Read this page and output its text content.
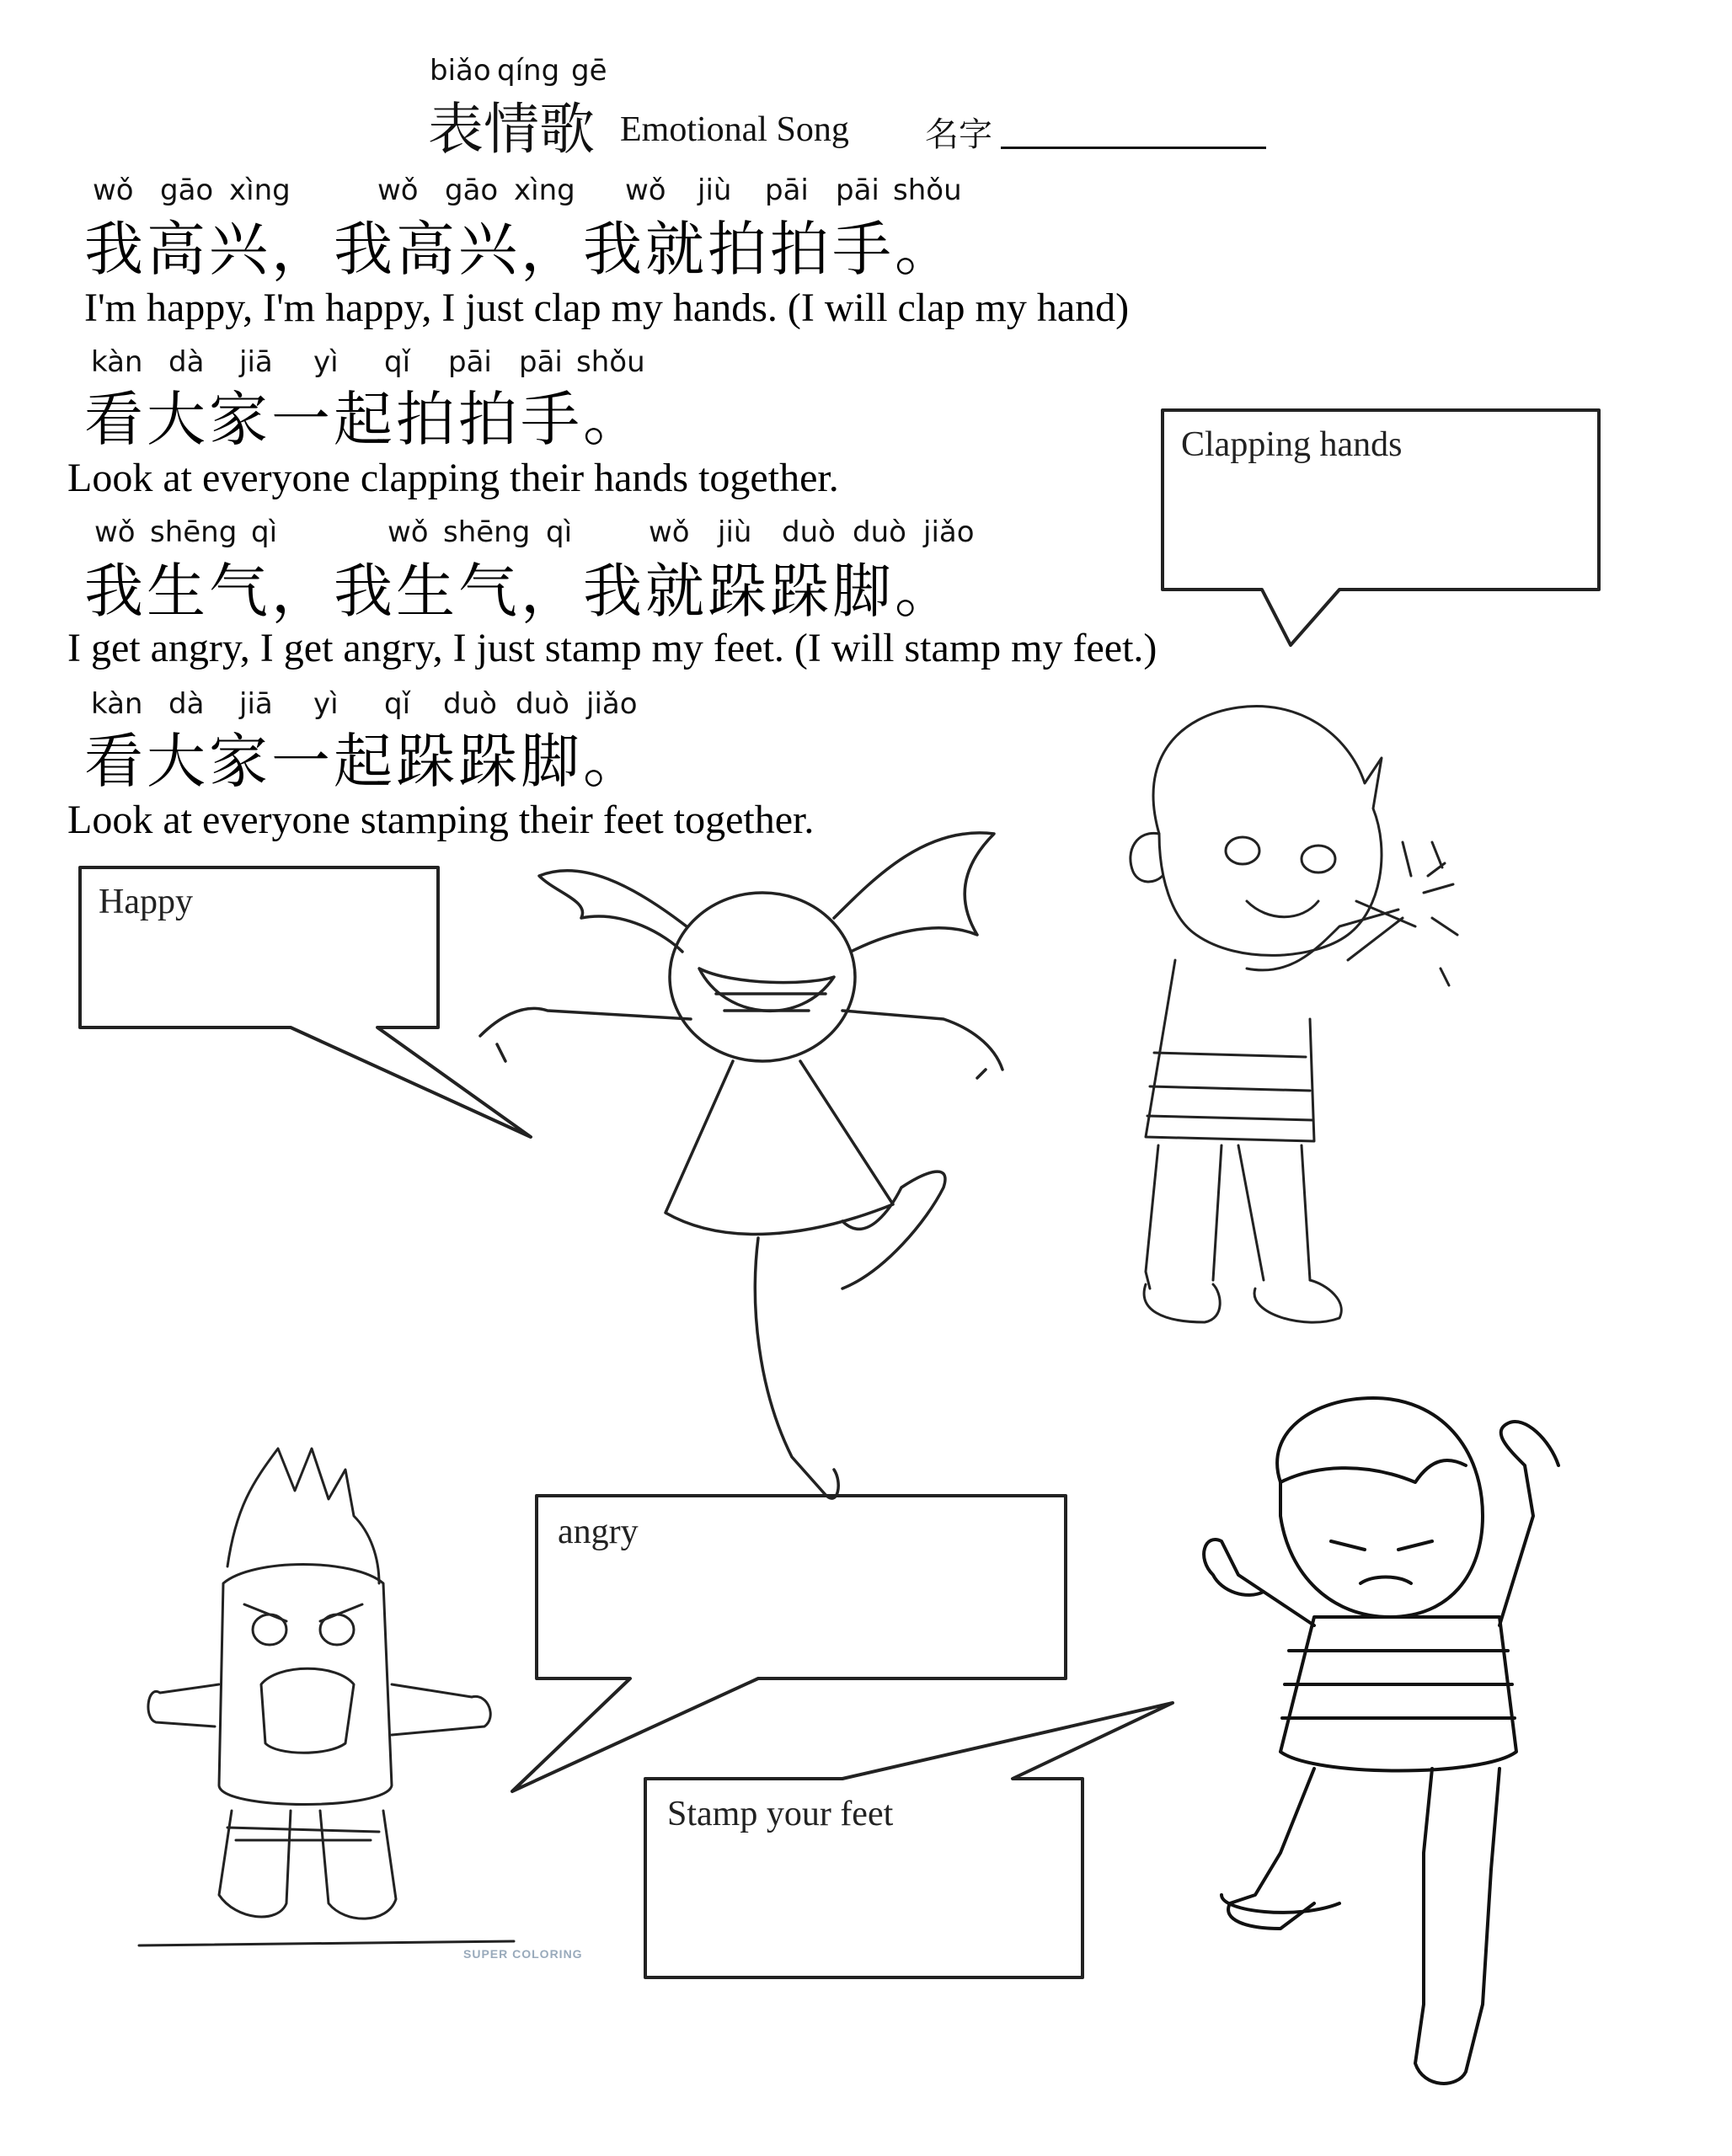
biǎo qíng gē
表情歌 Emotional Song 名字
wǒ gāo xìng	wǒ gāo xìng wǒ jiù pāi pāi shǒu
我高兴，我高兴，我就拍拍手。
I'm happy, I'm happy, I just clap my hands. (I will clap my hand)
kàn dà jiā yì qǐ pāi pāi shǒu
看大家一起拍拍手。
Look at everyone clapping their hands together.
wǒ shēng qì	wǒ shēng qì	wǒ jiù duò duò jiǎo
我生气，我生气，我就跺跺脚。
I get angry, I get angry, I just stamp my feet. (I will stamp my feet.)
kàn dà jiā yì qǐ duò duò jiǎo
看大家一起跺跺脚。
Look at everyone stamping their feet together.
SUPER COLORING
Clapping hands
Happy
angry
Stamp your feet
